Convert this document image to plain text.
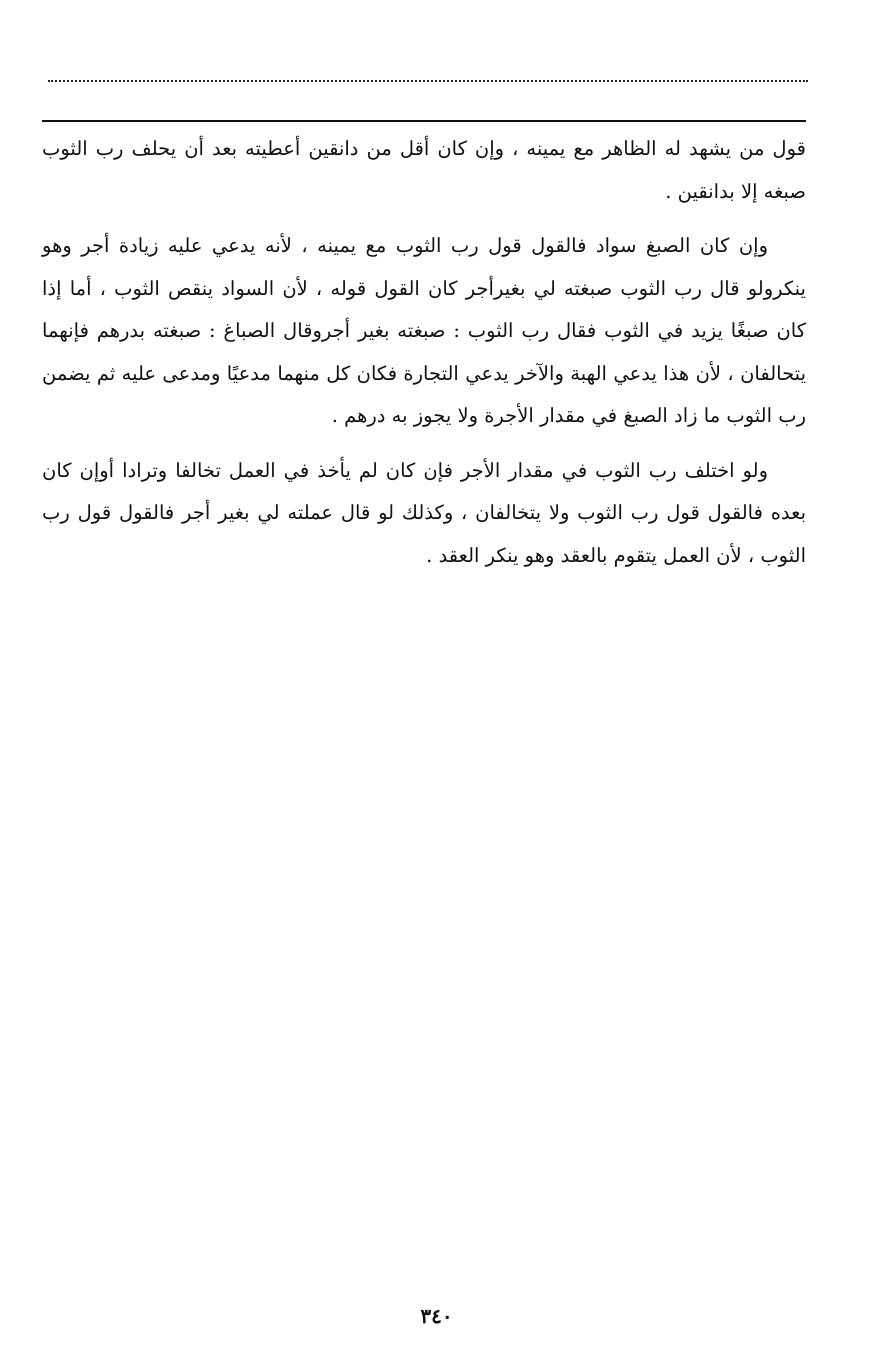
قول من يشهد له الظاهر مع يمينه ، وإن كان أقل من دانقين أعطيته بعد أن يحلف رب الثوب صبغه إلا بدانقين .

وإن كان الصبغ سواد فالقول قول رب الثوب مع يمينه ، لأنه يدعي عليه زيادة أجر وهو ينكرولو قال رب الثوب صبغته لي بغيرأجر كان القول قوله ، لأن السواد ينقص الثوب ، أما إذا كان صبغًا يزيد في الثوب فقال رب الثوب : صبغته بغير أجروقال الصباغ : صبغته بدرهم فإنهما يتحالفان ، لأن هذا يدعي الهبة والآخر يدعي التجارة فكان كل منهما مدعيًا ومدعى عليه ثم يضمن رب الثوب ما زاد الصبغ في مقدار الأجرة ولا يجوز به درهم .

ولو اختلف رب الثوب في مقدار الأجر فإن كان لم يأخذ في العمل تخالفا وترادا أوإن كان بعده فالقول قول رب الثوب ولا يتخالفان ، وكذلك لو قال عملته لي بغير أجر فالقول قول رب الثوب ، لأن العمل يتقوم بالعقد وهو ينكر العقد .

٣٤٠
